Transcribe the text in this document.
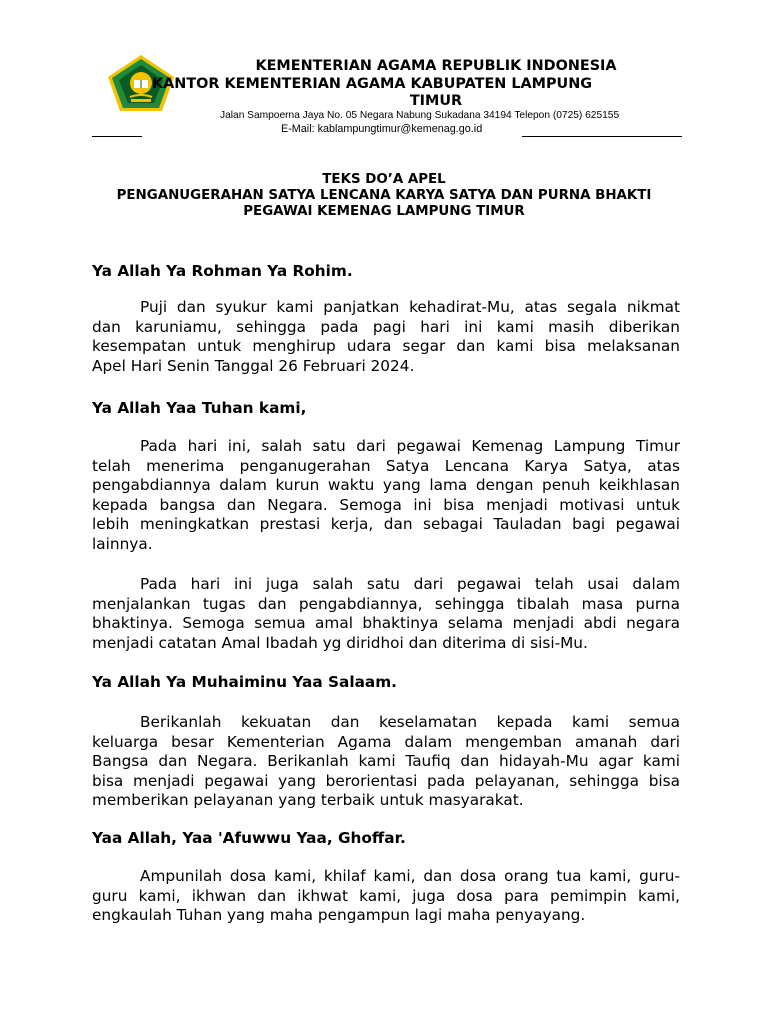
KEMENTERIAN AGAMA REPUBLIK INDONESIA
KANTOR KEMENTERIAN AGAMA KABUPATEN LAMPUNG
TIMUR
Jalan Sampoerna Jaya No. 05 Negara Nabung Sukadana 34194 Telepon (0725) 625155
E-Mail: kablampungtimur@kemenag.go.id
TEKS DO’A APEL
PENGANUGERAHAN SATYA LENCANA KARYA SATYA DAN PURNA BHAKTI
PEGAWAI KEMENAG LAMPUNG TIMUR
Ya Allah Ya Rohman Ya Rohim.
Puji dan syukur kami panjatkan kehadirat-Mu, atas segala nikmat
dan karuniamu, sehingga pada pagi hari ini kami masih diberikan
kesempatan untuk menghirup udara segar dan kami bisa melaksanan
Apel Hari Senin Tanggal 26 Februari 2024.
Ya Allah Yaa Tuhan kami,
Pada hari ini, salah satu dari pegawai Kemenag Lampung Timur
telah menerima penganugerahan Satya Lencana Karya Satya, atas
pengabdiannya dalam kurun waktu yang lama dengan penuh keikhlasan
kepada bangsa dan Negara. Semoga ini bisa menjadi motivasi untuk
lebih meningkatkan prestasi kerja, dan sebagai Tauladan bagi pegawai
lainnya.
Pada hari ini juga salah satu dari pegawai telah usai dalam
menjalankan tugas dan pengabdiannya, sehingga tibalah masa purna
bhaktinya. Semoga semua amal bhaktinya selama menjadi abdi negara
menjadi catatan Amal Ibadah yg diridhoi dan diterima di sisi-Mu.
Ya Allah Ya Muhaiminu Yaa Salaam.
Berikanlah kekuatan dan keselamatan kepada kami semua
keluarga besar Kementerian Agama dalam mengemban amanah dari
Bangsa dan Negara. Berikanlah kami Taufiq dan hidayah-Mu agar kami
bisa menjadi pegawai yang berorientasi pada pelayanan, sehingga bisa
memberikan pelayanan yang terbaik untuk masyarakat.
Yaa Allah, Yaa 'Afuwwu Yaa, Ghoffar.
Ampunilah dosa kami, khilaf kami, dan dosa orang tua kami, guru-
guru kami, ikhwan dan ikhwat kami, juga dosa para pemimpin kami,
engkaulah Tuhan yang maha pengampun lagi maha penyayang.
